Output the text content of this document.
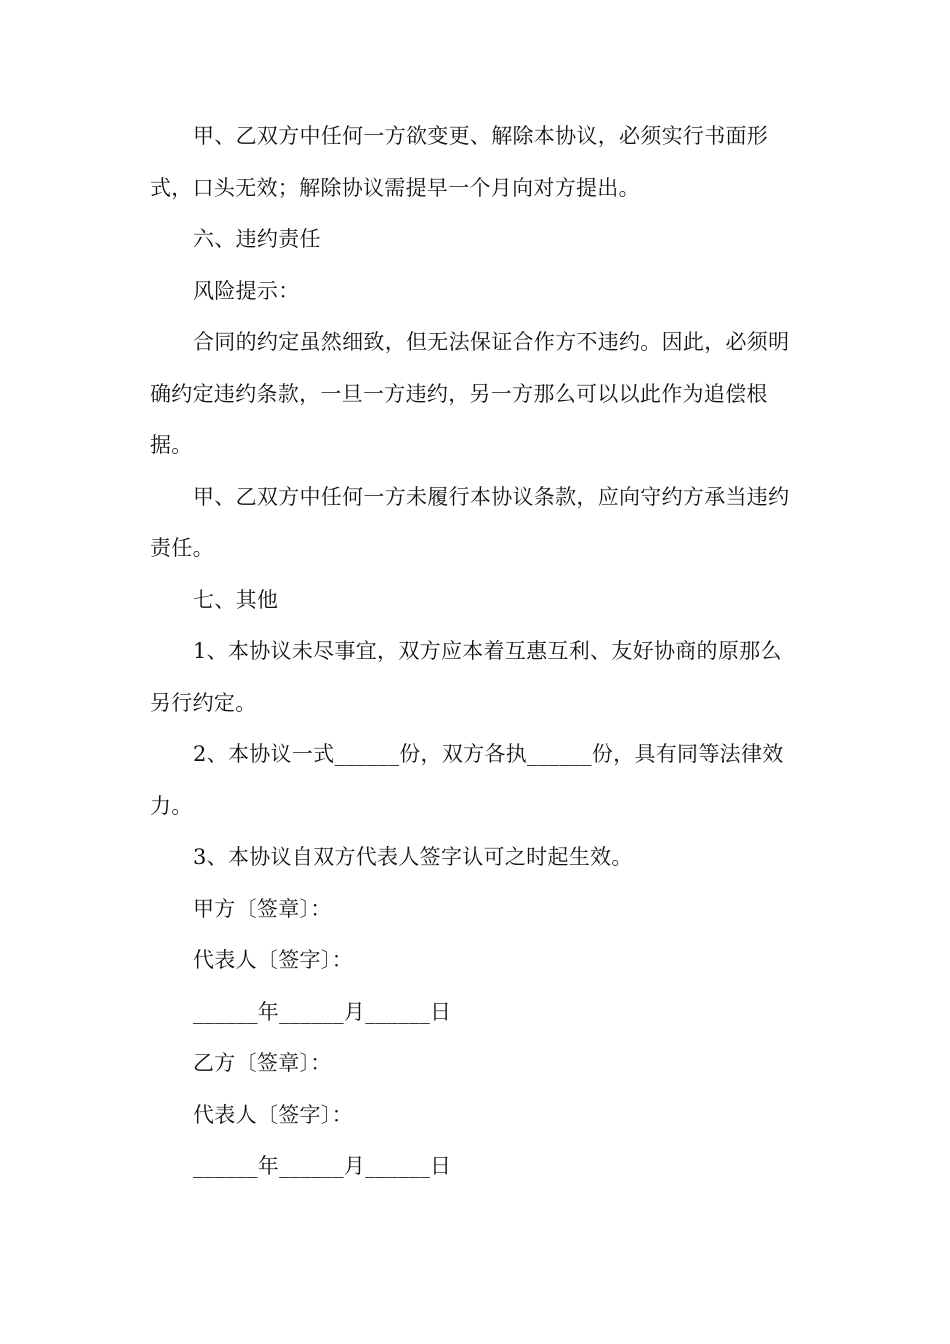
甲、乙双方中任何一方欲变更、解除本协议，必须实行书面形式，口头无效；解除协议需提早一个月向对方提出。

六、违约责任

风险提示：

合同的约定虽然细致，但无法保证合作方不违约。因此，必须明确约定违约条款，一旦一方违约，另一方那么可以以此作为追偿根据。

甲、乙双方中任何一方未履行本协议条款，应向守约方承当违约责任。

七、其他

1、本协议未尽事宜，双方应本着互惠互利、友好协商的原那么另行约定。

2、本协议一式______份，双方各执______份，具有同等法律效力。

3、本协议自双方代表人签字认可之时起生效。

甲方〔签章〕：

代表人〔签字〕：

______年______月______日

乙方〔签章〕：

代表人〔签字〕：

______年______月______日
